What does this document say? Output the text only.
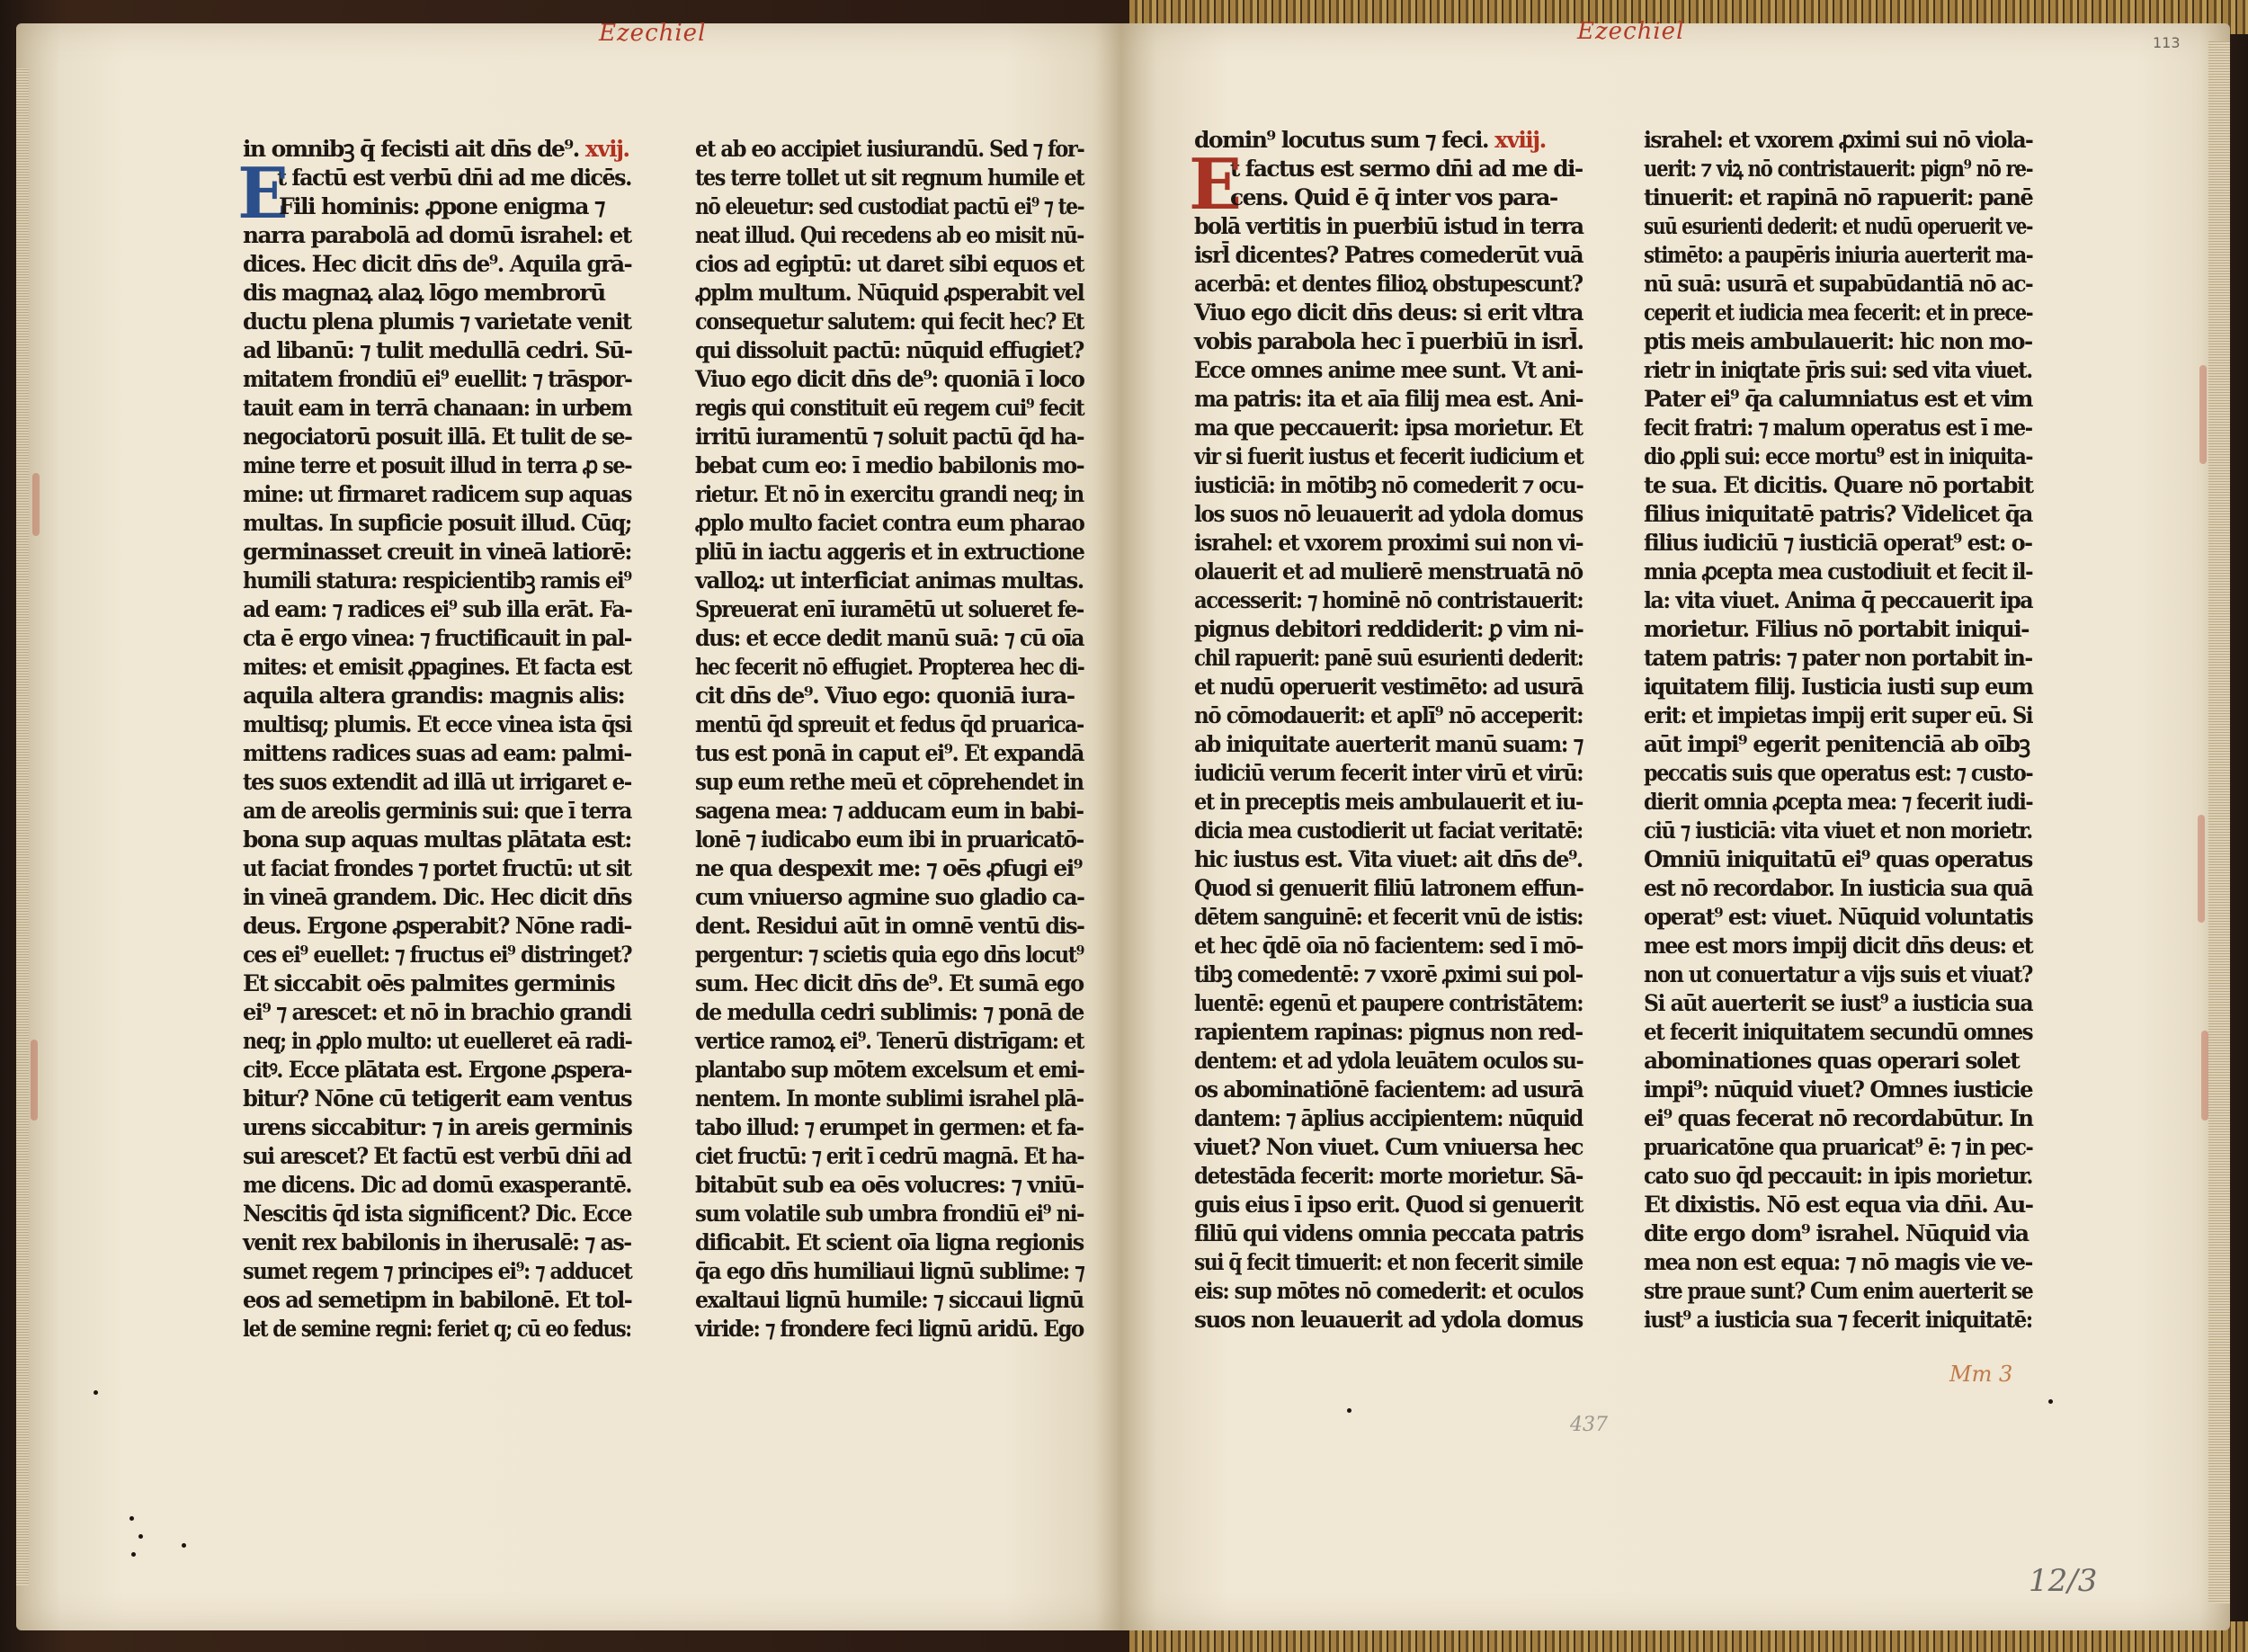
Ezechiel
in omnibꝫ q̄ fecisti ait dn̄s de⁹. xvij.
E
t factū est verbū dn̄i ad me dicēs.
Fili hominis: ꝓpone enigma ⁊
narra parabolā ad domū israhel: et
dices. Hec dicit dn̄s de⁹. Aquila grā-
dis magnaꝝ alaꝝ lōgo membrorū
ductu plena plumis ⁊ varietate venit
ad libanū: ⁊ tulit medullā cedri. Sū-
mitatem frondiū ei⁹ euellit: ⁊ trāspor-
tauit eam in terrā chanaan: in urbem
negociatorū posuit illā. Et tulit de se-
mine terre et posuit illud in terra ꝓ se-
mine: ut firmaret radicem sup aquas
multas. In supficie posuit illud. Cūq;
germinasset creuit in vineā latiorē:
humili statura: respicientibꝫ ramis ei⁹
ad eam: ⁊ radices ei⁹ sub illa erāt. Fa-
cta ē ergo vinea: ⁊ fructificauit in pal-
mites: et emisit ꝓpagines. Et facta est
aquila altera grandis: magnis alis:
multisq; plumis. Et ecce vinea ista q̄si
mittens radices suas ad eam: palmi-
tes suos extendit ad illā ut irrigaret e-
am de areolis germinis sui: que ī terra
bona sup aquas multas plātata est:
ut faciat frondes ⁊ portet fructū: ut sit
in vineā grandem. Dic. Hec dicit dn̄s
deus. Ergone ꝓsperabit? Nōne radi-
ces ei⁹ euellet: ⁊ fructus ei⁹ distringet?
Et siccabit oēs palmites germinis
ei⁹ ⁊ arescet: et nō in brachio grandi
neq; in ꝓplo multo: ut euelleret eā radi-
citꝰ. Ecce plātata est. Ergone ꝓspera-
bitur? Nōne cū tetigerit eam ventus
urens siccabitur: ⁊ in areis germinis
sui arescet? Et factū est verbū dn̄i ad
me dicens. Dic ad domū exasperantē.
Nescitis q̄d ista significent? Dic. Ecce
venit rex babilonis in iherusalē: ⁊ as-
sumet regem ⁊ principes ei⁹: ⁊ adducet
eos ad semetipm in babilonē. Et tol-
let de semine regni: feriet q; cū eo fedus:
et ab eo accipiet iusiurandū. Sed ⁊ for-
tes terre tollet ut sit regnum humile et
nō eleuetur: sed custodiat pactū ei⁹ ⁊ te-
neat illud. Qui recedens ab eo misit nū-
cios ad egiptū: ut daret sibi equos et
ꝓplm multum. Nūquid ꝓsperabit vel
consequetur salutem: qui fecit hec? Et
qui dissoluit pactū: nūquid effugiet?
Viuo ego dicit dn̄s de⁹: quoniā ī loco
regis qui constituit eū regem cui⁹ fecit
irritū iuramentū ⁊ soluit pactū q̄d ha-
bebat cum eo: ī medio babilonis mo-
rietur. Et nō in exercitu grandi neq; in
ꝓplo multo faciet contra eum pharao
pliū in iactu aggeris et in extructione
valloꝝ: ut interficiat animas multas.
Spreuerat enī iuramētū ut solueret fe-
dus: et ecce dedit manū suā: ⁊ cū oīa
hec fecerit nō effugiet. Propterea hec di-
cit dn̄s de⁹. Viuo ego: quoniā iura-
mentū q̄d spreuit et fedus q̄d pruarica-
tus est ponā in caput ei⁹. Et expandā
sup eum rethe meū et cōprehendet in
sagena mea: ⁊ adducam eum in babi-
lonē ⁊ iudicabo eum ibi in pruaricatō-
ne qua despexit me: ⁊ oēs ꝓfugi ei⁹
cum vniuerso agmine suo gladio ca-
dent. Residui aūt in omnē ventū dis-
pergentur: ⁊ scietis quia ego dn̄s locut⁹
sum. Hec dicit dn̄s de⁹. Et sumā ego
de medulla cedri sublimis: ⁊ ponā de
vertice ramoꝝ ei⁹. Tenerū distrīgam: et
plantabo sup mōtem excelsum et emi-
nentem. In monte sublimi israhel plā-
tabo illud: ⁊ erumpet in germen: et fa-
ciet fructū: ⁊ erit ī cedrū magnā. Et ha-
bitabūt sub ea oēs volucres: ⁊ vniū-
sum volatile sub umbra frondiū ei⁹ ni-
dificabit. Et scient oīa ligna regionis
q̄a ego dn̄s humiliaui lignū sublime: ⁊
exaltaui lignū humile: ⁊ siccaui lignū
viride: ⁊ frondere feci lignū aridū. Ego
Ezechiel	113
domin⁹ locutus sum ⁊ feci. xviij.
E
t factus est sermo dn̄i ad me di-
cens. Quid ē q̄ inter vos para-
bolā vertitis in puerbiū istud in terra
isrl̄ dicentes? Patres comederūt vuā
acerbā: et dentes filioꝝ obstupescunt?
Viuo ego dicit dn̄s deus: si erit vltra
vobis parabola hec ī puerbiū in isrl̄.
Ecce omnes anime mee sunt. Vt ani-
ma patris: ita et aīa filij mea est. Ani-
ma que peccauerit: ipsa morietur. Et
vir si fuerit iustus et fecerit iudicium et
iusticiā: in mōtibꝫ nō comederit ⁊ ocu-
los suos nō leuauerit ad ydola domus
israhel: et vxorem proximi sui non vi-
olauerit et ad mulierē menstruatā nō
accesserit: ⁊ hominē nō contristauerit:
pignus debitori reddiderit: ꝑ vim ni-
chil rapuerit: panē suū esurienti dederit:
et nudū operuerit vestimēto: ad usurā
nō cōmodauerit: et aplī⁹ nō acceperit:
ab iniquitate auerterit manū suam: ⁊
iudiciū verum fecerit inter virū et virū:
et in preceptis meis ambulauerit et iu-
dicia mea custodierit ut faciat veritatē:
hic iustus est. Vita viuet: ait dn̄s de⁹.
Quod si genuerit filiū latronem effun-
dētem sanguinē: et fecerit vnū de istis:
et hec q̄dē oīa nō facientem: sed ī mō-
tibꝫ comedentē: ⁊ vxorē ꝓximi sui pol-
luentē: egenū et paupere contristātem:
rapientem rapinas: pignus non red-
dentem: et ad ydola leuātem oculos su-
os abominatiōnē facientem: ad usurā
dantem: ⁊ āplius accipientem: nūquid
viuet? Non viuet. Cum vniuersa hec
detestāda fecerit: morte morietur. Sā-
guis eius ī ipso erit. Quod si genuerit
filiū qui videns omnia peccata patris
sui q̄ fecit timuerit: et non fecerit simile
eis: sup mōtes nō comederit: et oculos
suos non leuauerit ad ydola domus
israhel: et vxorem ꝓximi sui nō viola-
uerit: ⁊ viꝝ nō contristauerit: pign⁹ nō re-
tinuerit: et rapinā nō rapuerit: panē
suū esurienti dederit: et nudū operuerit ve-
stimēto: a paupēris iniuria auerterit ma-
nū suā: usurā et supabūdantiā nō ac-
ceperit et iudicia mea fecerit: et in prece-
ptis meis ambulauerit: hic non mo-
rietr in iniqtate p̄ris sui: sed vita viuet.
Pater ei⁹ q̄a calumniatus est et vim
fecit fratri: ⁊ malum operatus est ī me-
dio ꝓpli sui: ecce mortu⁹ est in iniquita-
te sua. Et dicitis. Quare nō portabit
filius iniquitatē patris? Videlicet q̄a
filius iudiciū ⁊ iusticiā operat⁹ est: o-
mnia ꝓcepta mea custodiuit et fecit il-
la: vita viuet. Anima q̄ peccauerit ipa
morietur. Filius nō portabit iniqui-
tatem patris: ⁊ pater non portabit in-
iquitatem filij. Iusticia iusti sup eum
erit: et impietas impij erit super eū. Si
aūt impi⁹ egerit penitenciā ab oībꝫ
peccatis suis que operatus est: ⁊ custo-
dierit omnia ꝓcepta mea: ⁊ fecerit iudi-
ciū ⁊ iusticiā: vita viuet et non morietr.
Omniū iniquitatū ei⁹ quas operatus
est nō recordabor. In iusticia sua quā
operat⁹ est: viuet. Nūquid voluntatis
mee est mors impij dicit dn̄s deus: et
non ut conuertatur a vijs suis et viuat?
Si aūt auerterit se iust⁹ a iusticia sua
et fecerit iniquitatem secundū omnes
abominationes quas operari solet
impi⁹: nūquid viuet? Omnes iusticie
ei⁹ quas fecerat nō recordabūtur. In
pruaricatōne qua pruaricat⁹ ē: ⁊ in pec-
cato suo q̄d peccauit: in ipis morietur.
Et dixistis. Nō est equa via dn̄i. Au-
dite ergo dom⁹ israhel. Nūquid via
mea non est equa: ⁊ nō magis vie ve-
stre praue sunt? Cum enim auerterit se
iust⁹ a iusticia sua ⁊ fecerit iniquitatē:
Mm 3
437
12/3
